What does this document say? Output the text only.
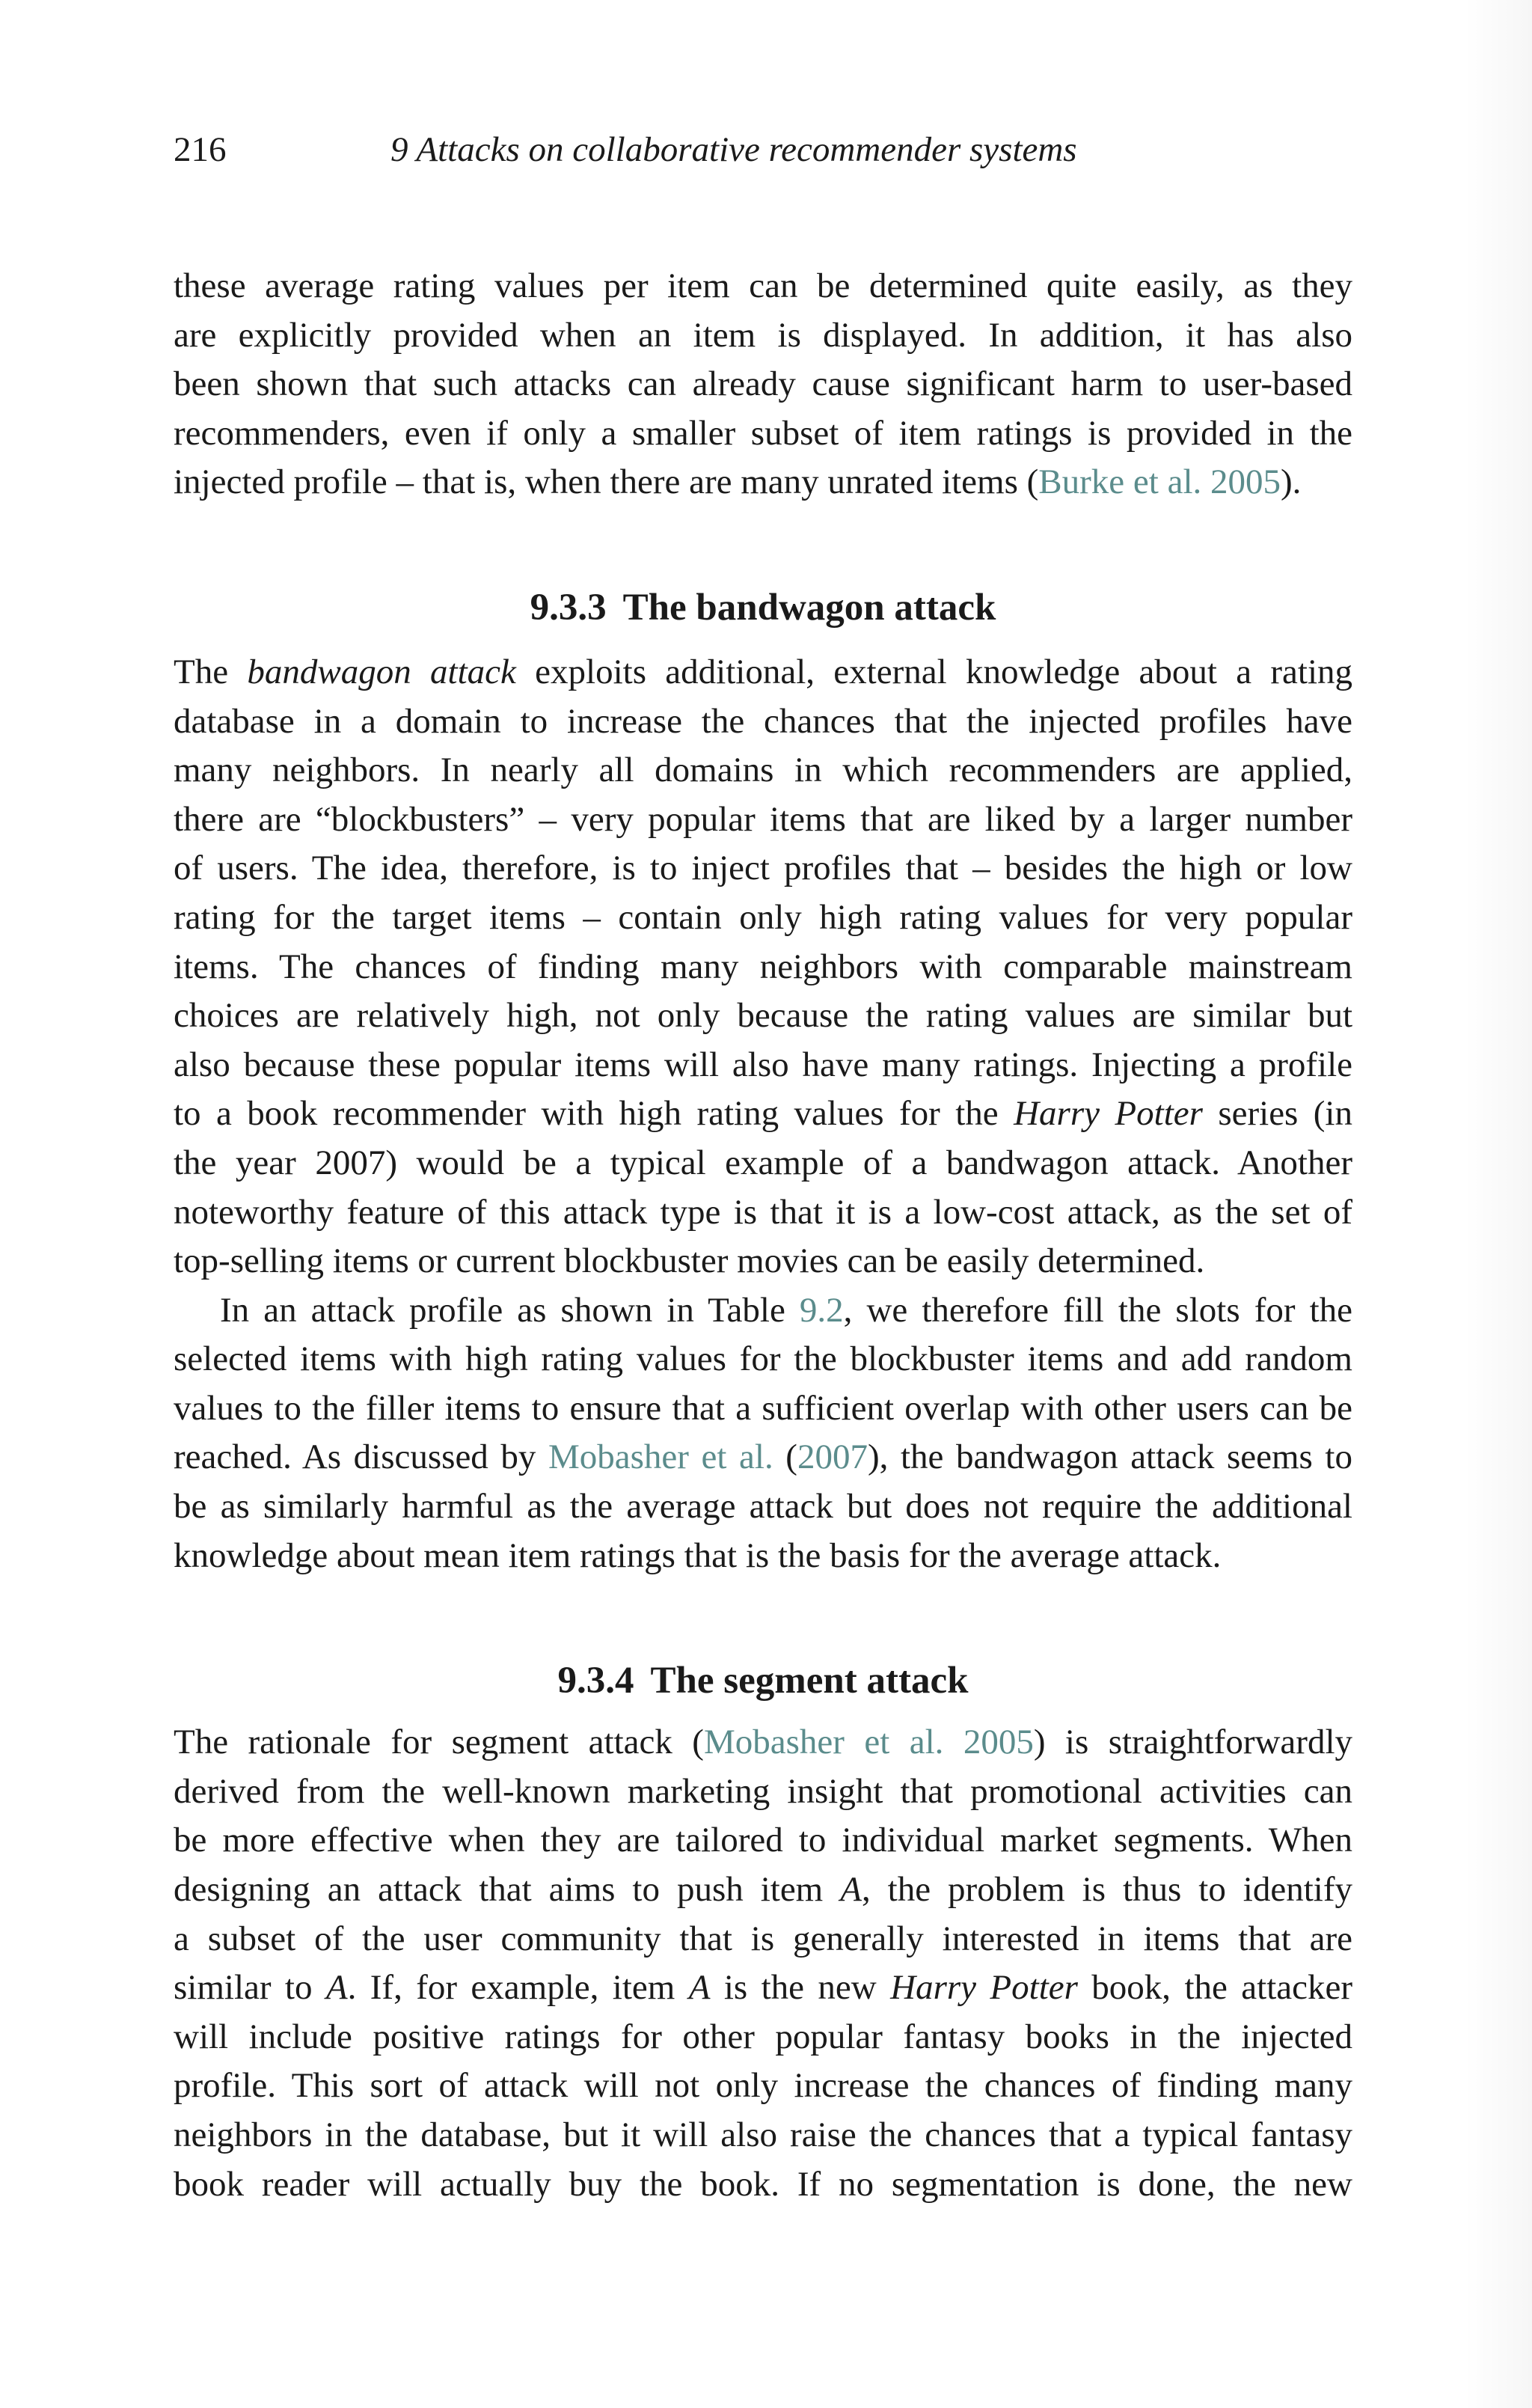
216	9 Attacks on collaborative recommender systems

these average rating values per item can be determined quite easily, as they

are explicitly provided when an item is displayed. In addition, it has also

been shown that such attacks can already cause significant harm to user-based

recommenders, even if only a smaller subset of item ratings is provided in the

injected profile – that is, when there are many unrated items (Burke et al. 2005).

9.3.3 The bandwagon attack

The bandwagon attack exploits additional, external knowledge about a rating

database in a domain to increase the chances that the injected profiles have

many neighbors. In nearly all domains in which recommenders are applied,

there are “blockbusters” – very popular items that are liked by a larger number

of users. The idea, therefore, is to inject profiles that – besides the high or low

rating for the target items – contain only high rating values for very popular

items. The chances of finding many neighbors with comparable mainstream

choices are relatively high, not only because the rating values are similar but

also because these popular items will also have many ratings. Injecting a profile

to a book recommender with high rating values for the Harry Potter series (in

the year 2007) would be a typical example of a bandwagon attack. Another

noteworthy feature of this attack type is that it is a low-cost attack, as the set of

top-selling items or current blockbuster movies can be easily determined.

In an attack profile as shown in Table 9.2, we therefore fill the slots for the

selected items with high rating values for the blockbuster items and add random

values to the filler items to ensure that a sufficient overlap with other users can be

reached. As discussed by Mobasher et al. (2007), the bandwagon attack seems to

be as similarly harmful as the average attack but does not require the additional

knowledge about mean item ratings that is the basis for the average attack.

9.3.4 The segment attack

The rationale for segment attack (Mobasher et al. 2005) is straightforwardly

derived from the well-known marketing insight that promotional activities can

be more effective when they are tailored to individual market segments. When

designing an attack that aims to push item A, the problem is thus to identify

a subset of the user community that is generally interested in items that are

similar to A. If, for example, item A is the new Harry Potter book, the attacker

will include positive ratings for other popular fantasy books in the injected

profile. This sort of attack will not only increase the chances of finding many

neighbors in the database, but it will also raise the chances that a typical fantasy

book reader will actually buy the book. If no segmentation is done, the new
